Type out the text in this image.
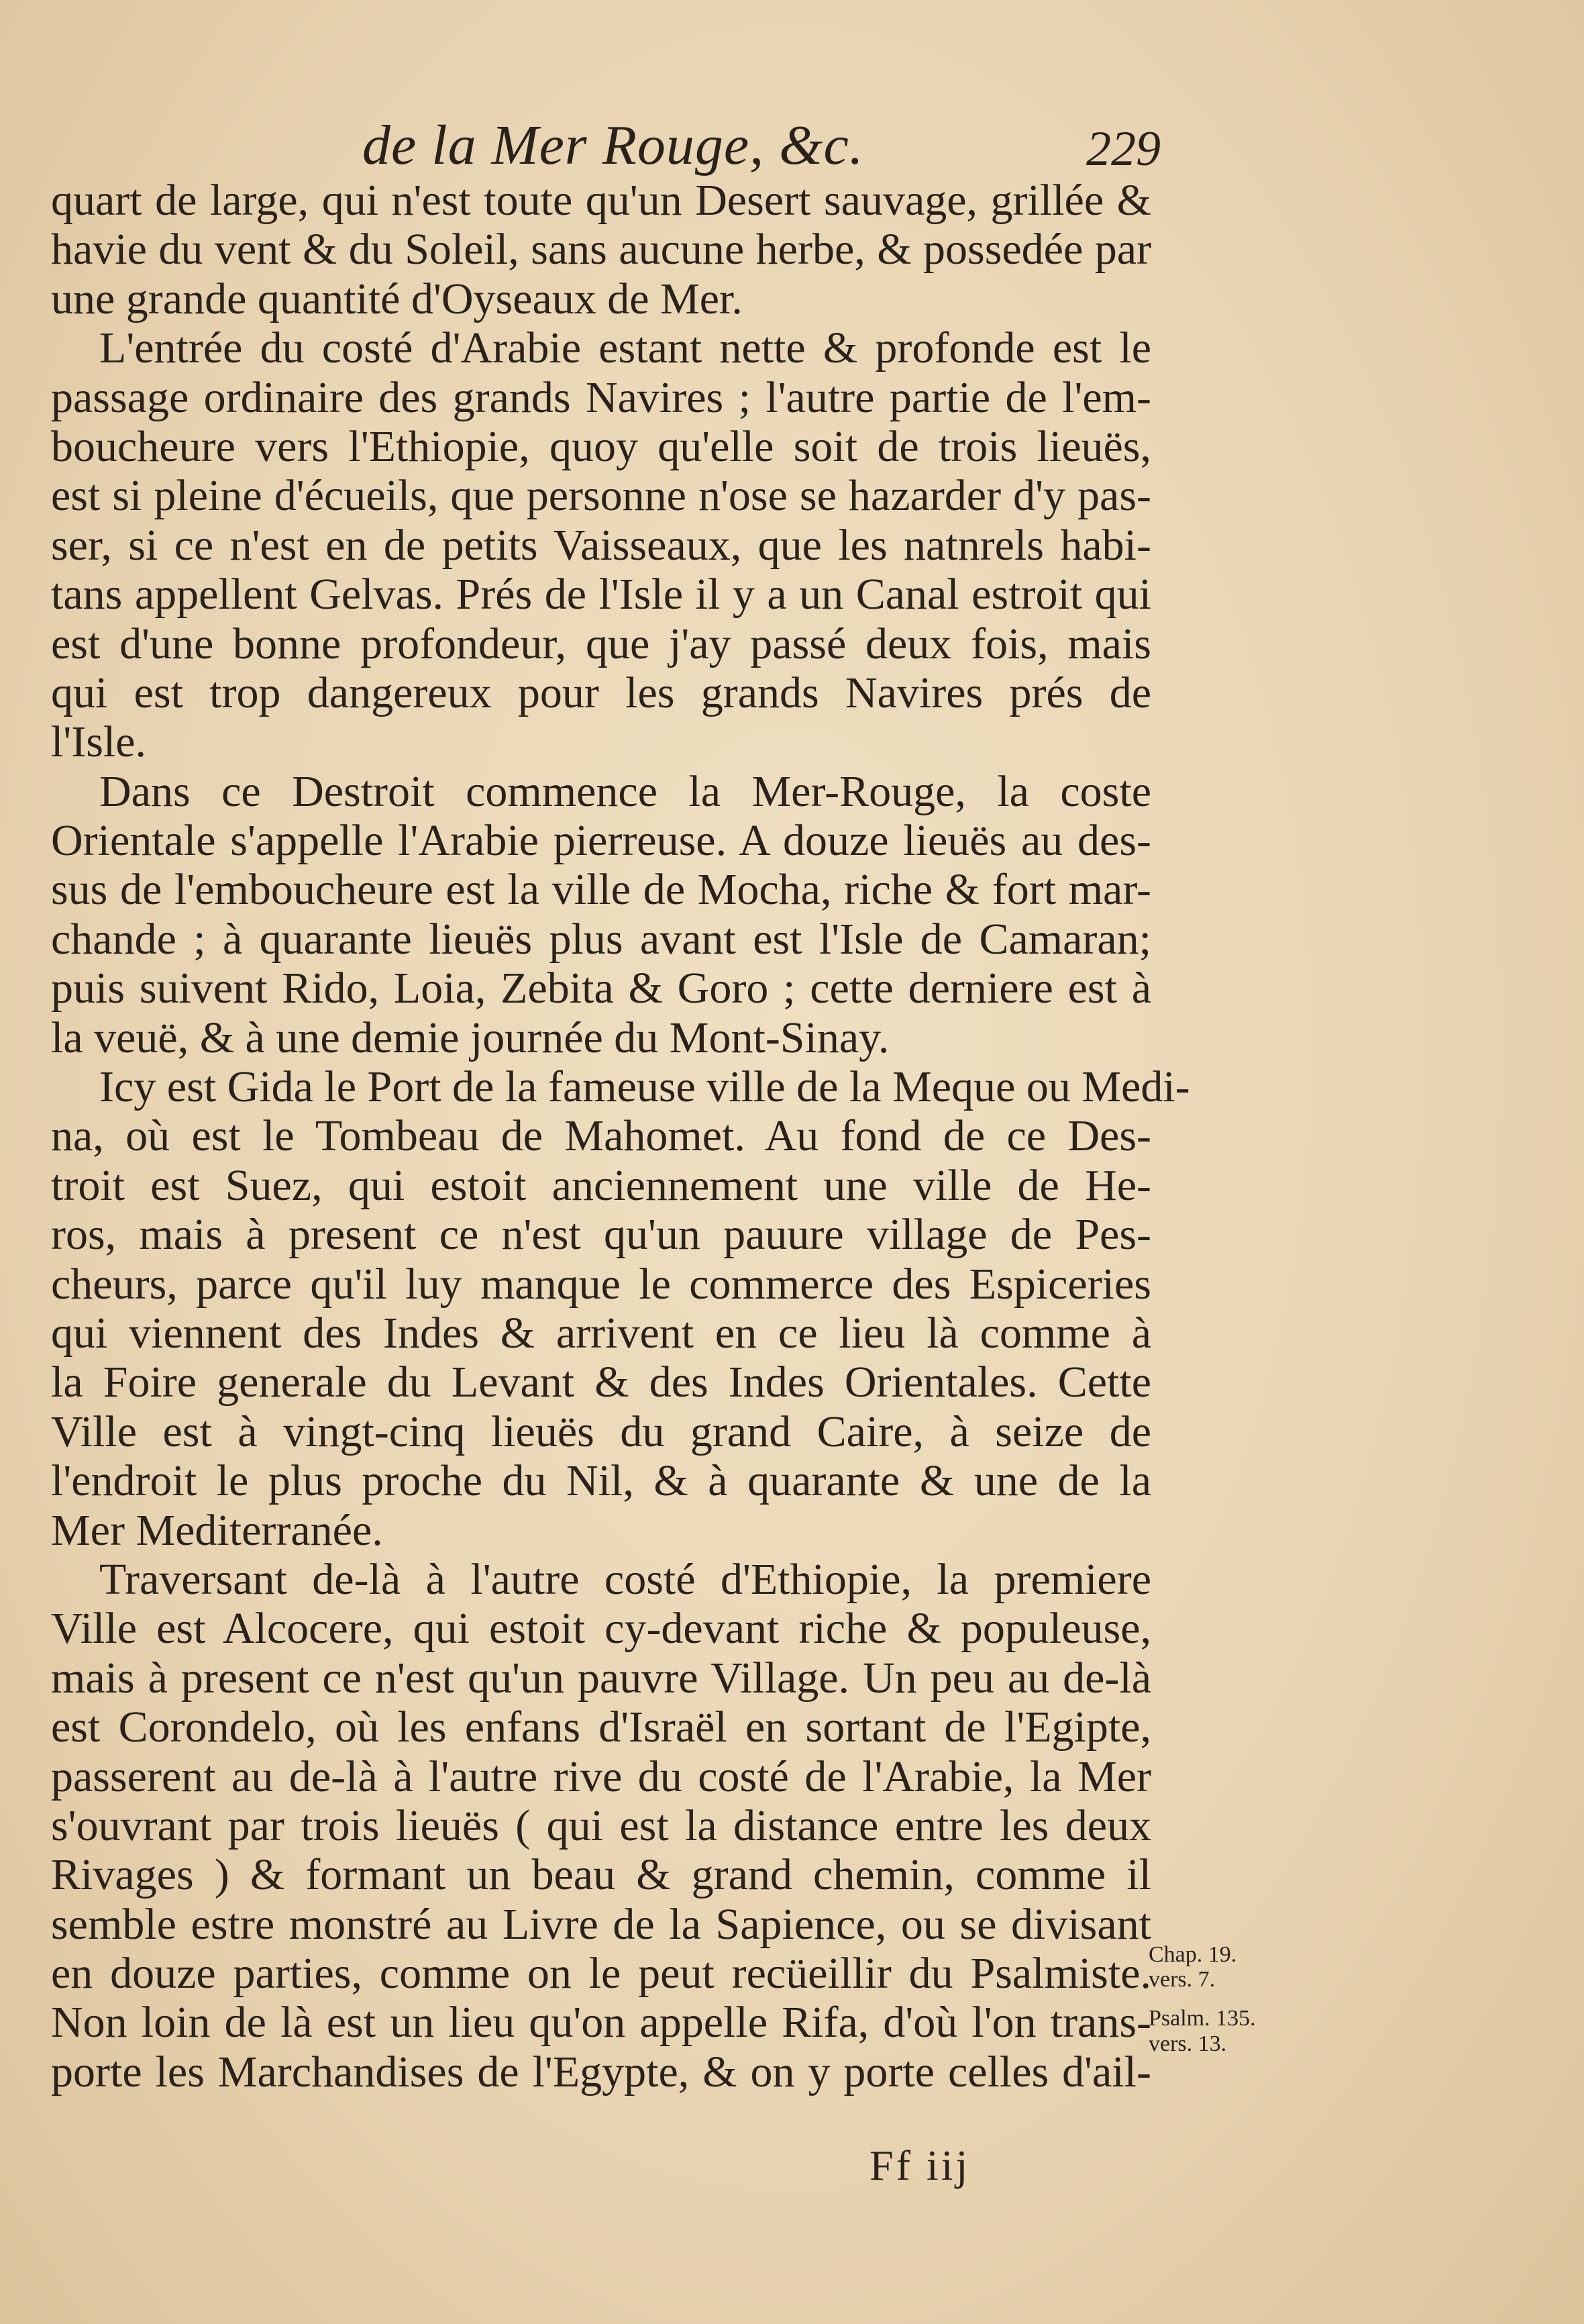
de la Mer Rouge, &c.	229
quart de large, qui n'est toute qu'un Desert sauvage, grillée &
havie du vent & du Soleil, sans aucune herbe, & possedée par
une grande quantité d'Oyseaux de Mer.
L'entrée du costé d'Arabie estant nette & profonde est le
passage ordinaire des grands Navires ; l'autre partie de l'em-
boucheure vers l'Ethiopie, quoy qu'elle soit de trois lieuës,
est si pleine d'écueils, que personne n'ose se hazarder d'y pas-
ser, si ce n'est en de petits Vaisseaux, que les natnrels habi-
tans appellent Gelvas. Prés de l'Isle il y a un Canal estroit qui
est d'une bonne profondeur, que j'ay passé deux fois, mais
qui est trop dangereux pour les grands Navires prés de
l'Isle.
Dans ce Destroit commence la Mer-Rouge, la coste
Orientale s'appelle l'Arabie pierreuse. A douze lieuës au des-
sus de l'embouchеure est la ville de Mocha, riche & fort mar-
chande ; à quarante lieuës plus avant est l'Isle de Camaran;
puis suivent Rido, Loia, Zebita & Goro ; cette derniere est à
la veuë, & à une demie journée du Mont-Sinay.
Icy est Gida le Port de la fameuse ville de la Meque ou Medi-
na, où est le Tombeau de Mahomet. Au fond de ce Des-
troit est Suez, qui estoit anciennement une ville de He-
ros, mais à present ce n'est qu'un pauure village de Pes-
cheurs, parce qu'il luy manque le commerce des Espiceries
qui viennent des Indes & arrivent en ce lieu là comme à
la Foire generale du Levant & des Indes Orientales. Cette
Ville est à vingt-cinq lieuës du grand Caire, à seize de
l'endroit le plus proche du Nil, & à quarante & une de la
Mer Mediterranée.
Traversant de-là à l'autre costé d'Ethiopie, la premiere
Ville est Alcocere, qui estoit cy-devant riche & populeuse,
mais à present ce n'est qu'un pauvre Village. Un peu au de-là
est Corondelo, où les enfans d'Israël en sortant de l'Egipte,
passerent au de-là à l'autre rive du costé de l'Arabie, la Mer
s'ouvrant par trois lieuës ( qui est la distance entre les deux
Rivages ) & formant un beau & grand chemin, comme il
semble estre monstré au Livre de la Sapience, ou se divisant
en douze parties, comme on le peut recüeillir du Psalmiste.
Non loin de là est un lieu qu'on appelle Rifa, d'où l'on trans-
porte les Marchandises de l'Egypte, & on y porte celles d'ail-
Chap. 19.
vers. 7.
Psalm. 135.
vers. 13.
Ff iij
